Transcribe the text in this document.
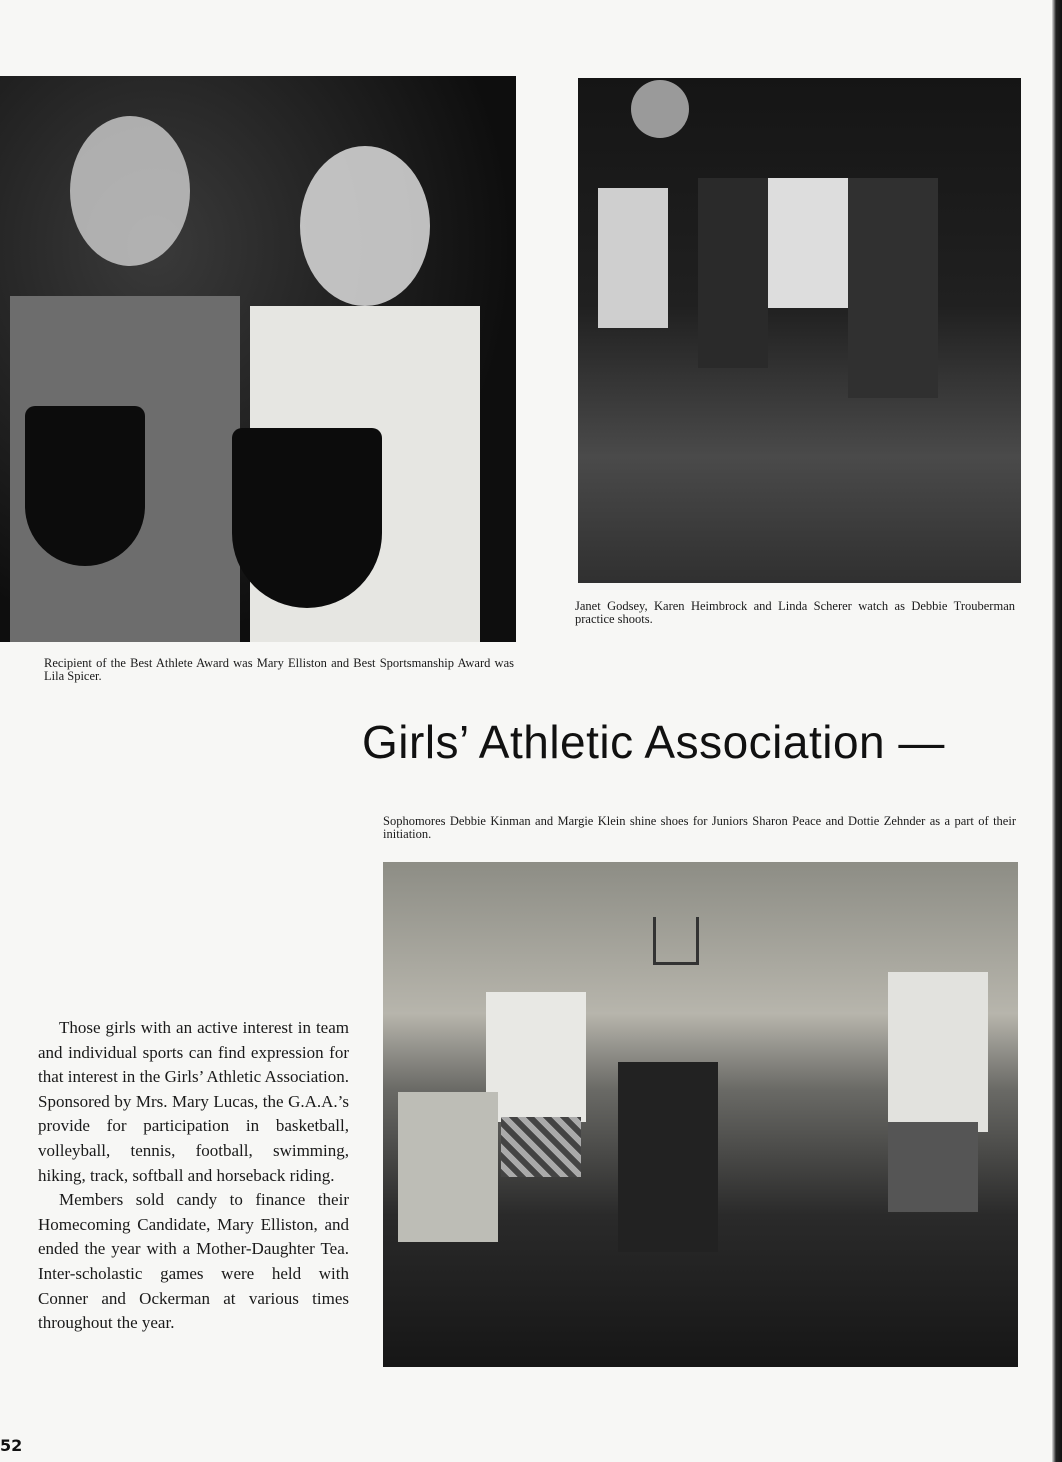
Recipient of the Best Athlete Award was Mary Elliston and Best Sportsmanship Award was Lila Spicer.
Janet Godsey, Karen Heimbrock and Linda Scherer watch as Debbie Trouberman practice shoots.
Girls’ Athletic Association —
Sophomores Debbie Kinman and Margie Klein shine shoes for Juniors Sharon Peace and Dottie Zehnder as a part of their initiation.

Those girls with an active interest in team and individual sports can find expression for that interest in the Girls’ Athletic Association. Sponsored by Mrs. Mary Lucas, the G.A.A.’s provide for participation in basketball, volleyball, tennis, football, swimming, hiking, track, softball and horseback riding.

Members sold candy to finance their Homecoming Candidate, Mary Elliston, and ended the year with a Mother-Daughter Tea. Inter-scholastic games were held with Conner and Ockerman at various times throughout the year.

52
